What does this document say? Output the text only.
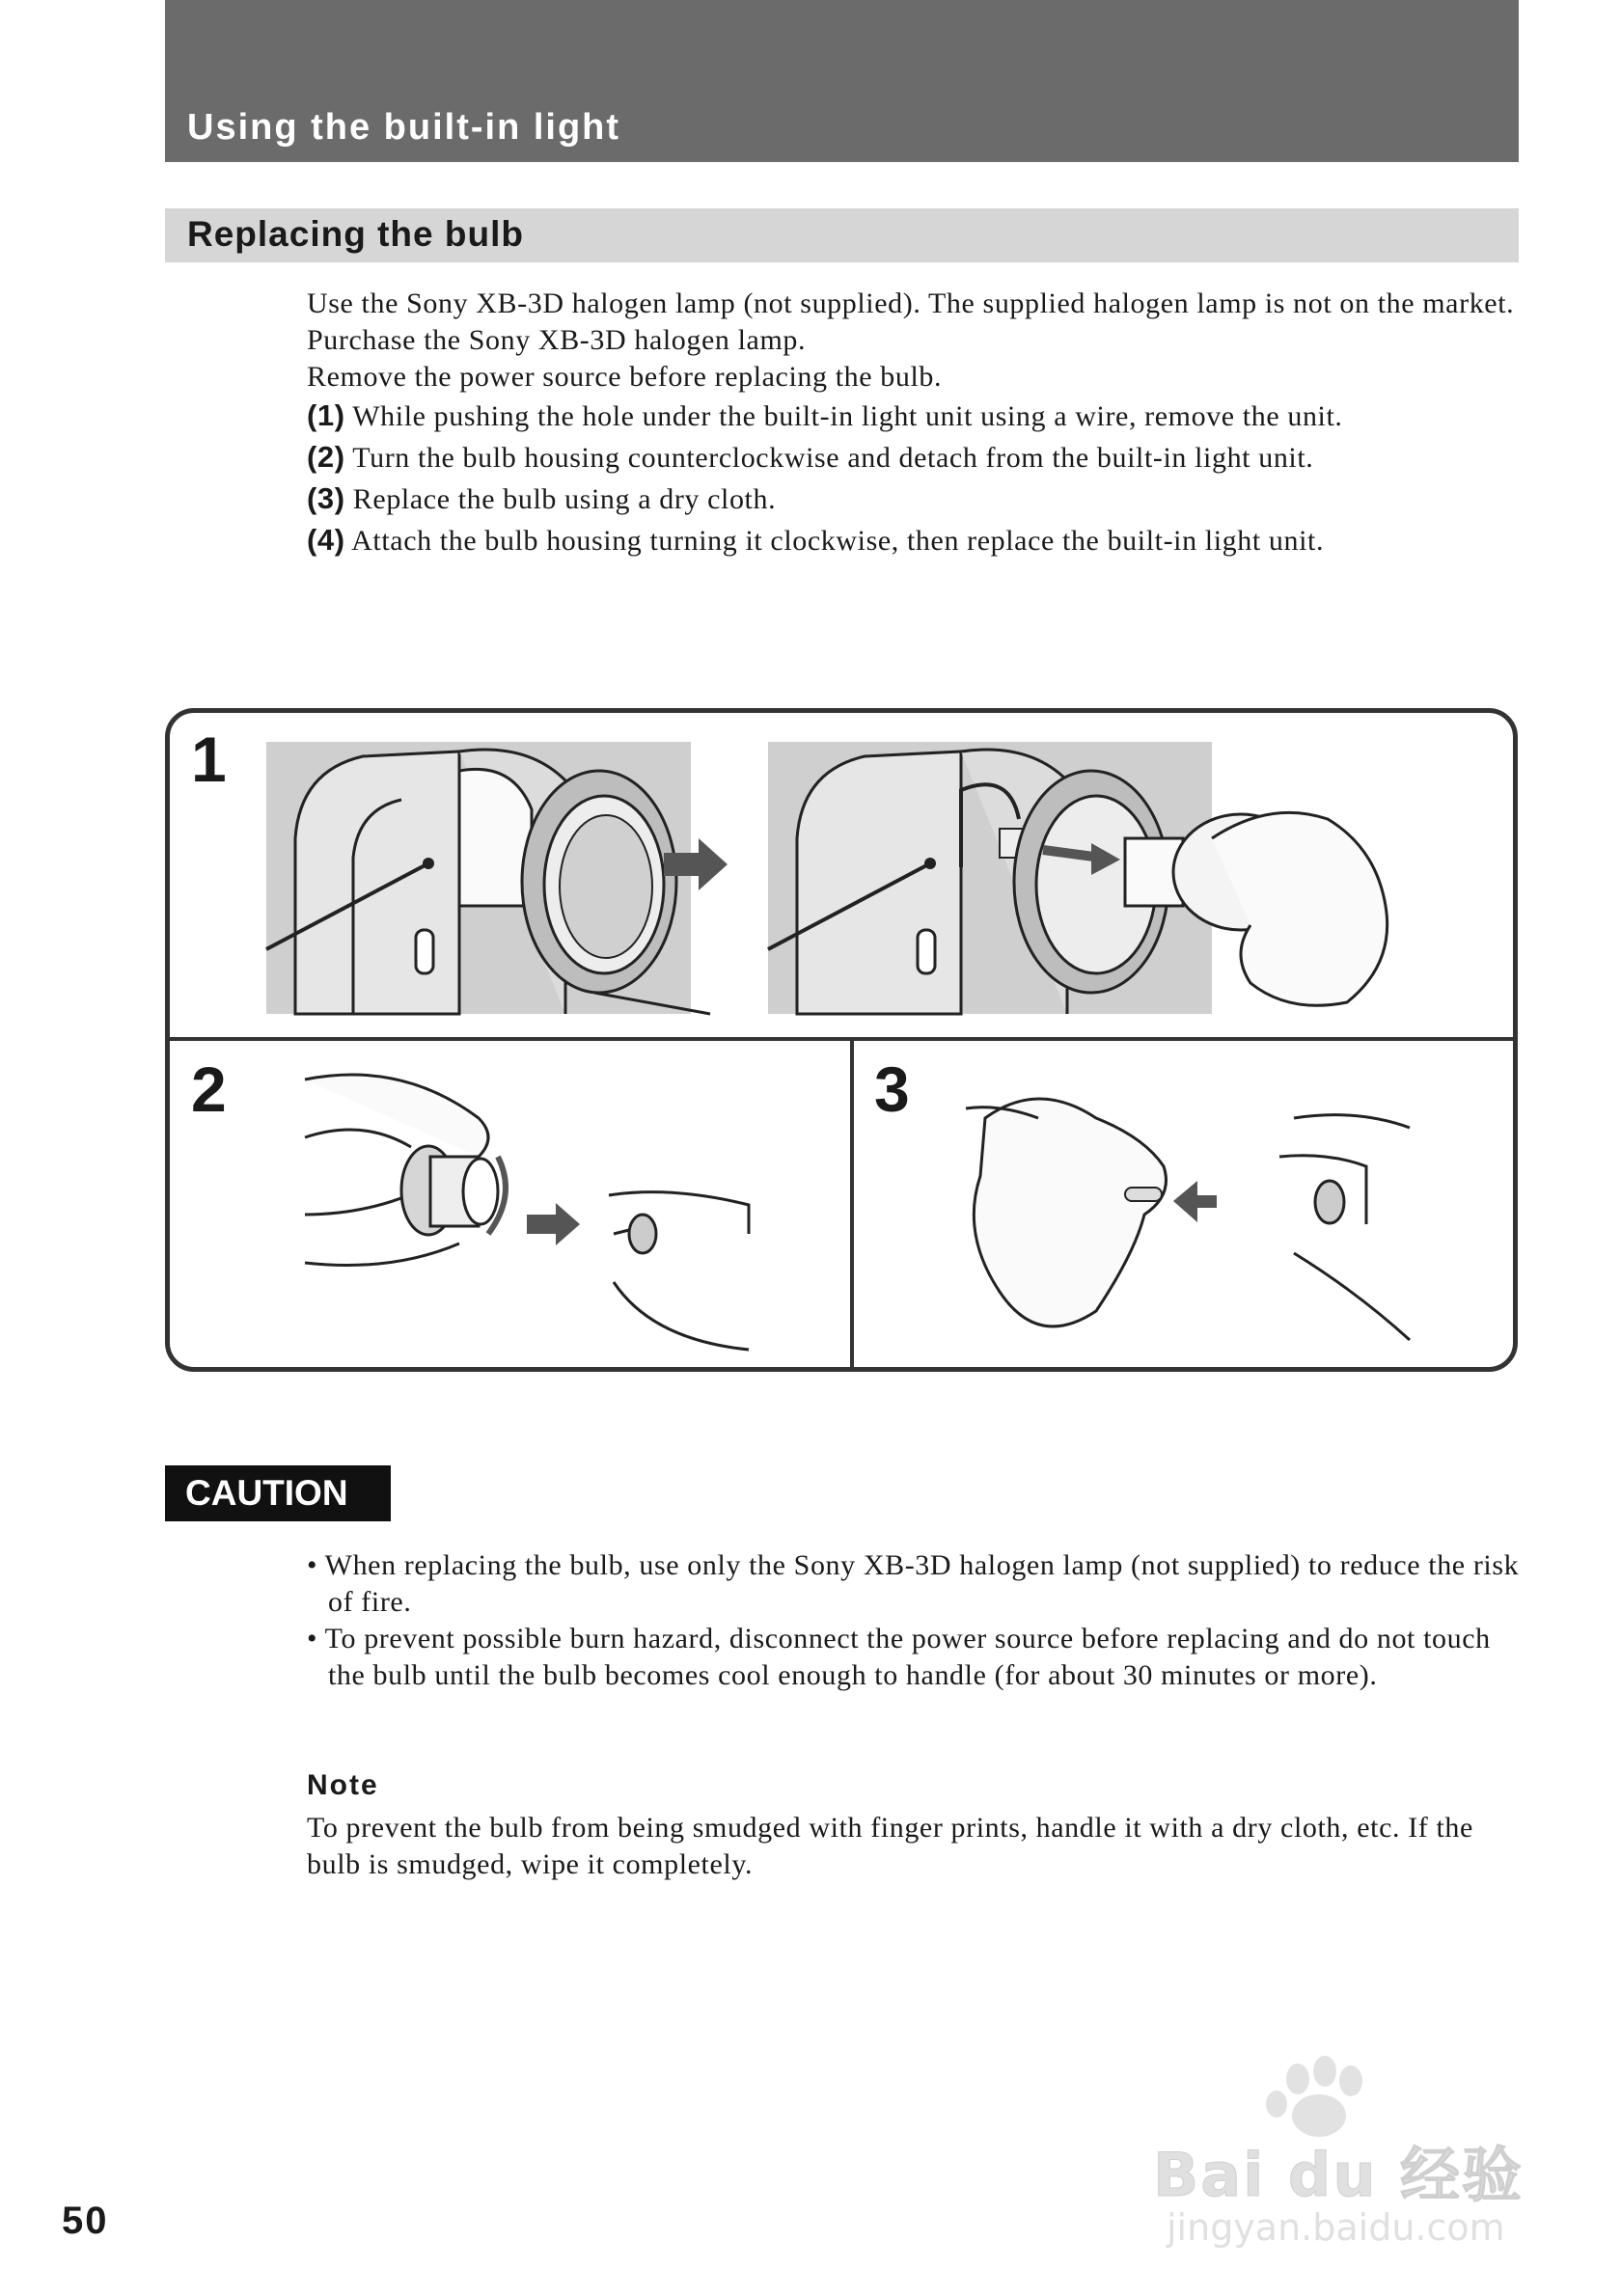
Using the built-in light
Replacing the bulb

Use the Sony XB-3D halogen lamp (not supplied). The supplied halogen lamp is not on the market. Purchase the Sony XB-3D halogen lamp.

Remove the power source before replacing the bulb.

(1) While pushing the hole under the built-in light unit using a wire, remove the unit.

(2) Turn the bulb housing counterclockwise and detach from the built-in light unit.

(3) Replace the bulb using a dry cloth.

(4) Attach the bulb housing turning it clockwise, then replace the built-in light unit.

1
2	3
CAUTION
• When replacing the bulb, use only the Sony XB-3D halogen lamp (not supplied) to reduce the risk of fire.
• To prevent possible burn hazard, disconnect the power source before replacing and do not touch the bulb until the bulb becomes cool enough to handle (for about 30 minutes or more).
Note
To prevent the bulb from being smudged with finger prints, handle it with a dry cloth, etc. If the bulb is smudged, wipe it completely.
50
Bai du 经验
jingyan.baidu.com
